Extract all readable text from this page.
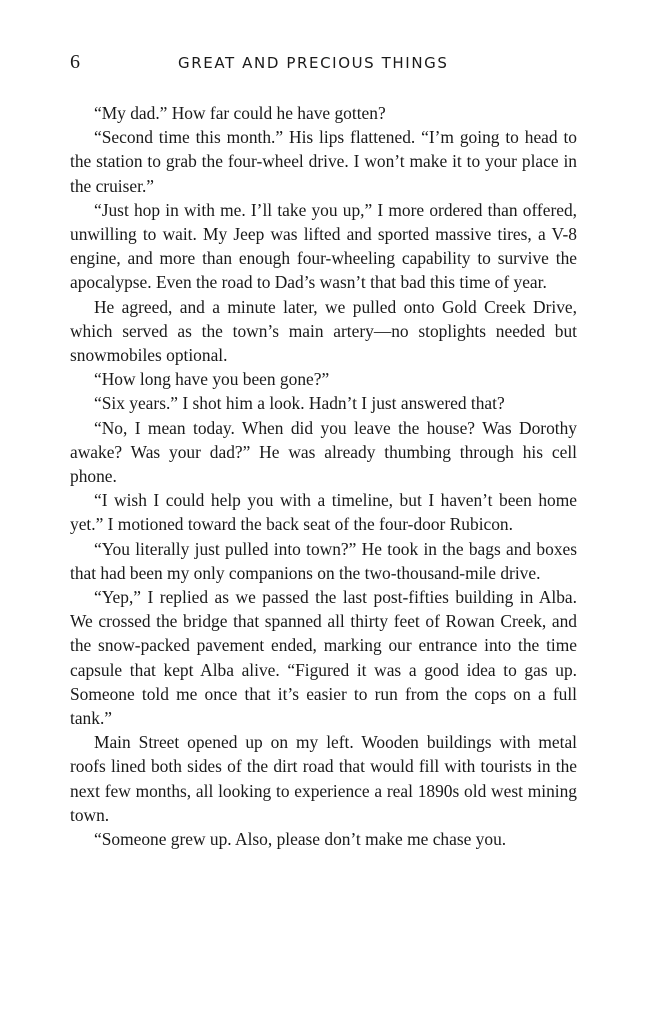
6	GREAT AND PRECIOUS THINGS

“My dad.” How far could he have gotten?

“Second time this month.” His lips flattened. “I’m going to head to the station to grab the four-wheel drive. I won’t make it to your place in the cruiser.”

“Just hop in with me. I’ll take you up,” I more ordered than offered, unwilling to wait. My Jeep was lifted and sported massive tires, a V-8 engine, and more than enough four-wheeling capability to survive the apocalypse. Even the road to Dad’s wasn’t that bad this time of year.

He agreed, and a minute later, we pulled onto Gold Creek Drive, which served as the town’s main artery—no stoplights needed but snowmobiles optional.

“How long have you been gone?”

“Six years.” I shot him a look. Hadn’t I just answered that?

“No, I mean today. When did you leave the house? Was Dorothy awake? Was your dad?” He was already thumbing through his cell phone.

“I wish I could help you with a timeline, but I haven’t been home yet.” I motioned toward the back seat of the four-door Rubicon.

“You literally just pulled into town?” He took in the bags and boxes that had been my only companions on the two-thousand-mile drive.

“Yep,” I replied as we passed the last post-fifties building in Alba. We crossed the bridge that spanned all thirty feet of Rowan Creek, and the snow-packed pavement ended, marking our entrance into the time capsule that kept Alba alive. “Figured it was a good idea to gas up. Someone told me once that it’s easier to run from the cops on a full tank.”

Main Street opened up on my left. Wooden buildings with metal roofs lined both sides of the dirt road that would fill with tourists in the next few months, all looking to experience a real 1890s old west mining town.

“Someone grew up. Also, please don’t make me chase you.
